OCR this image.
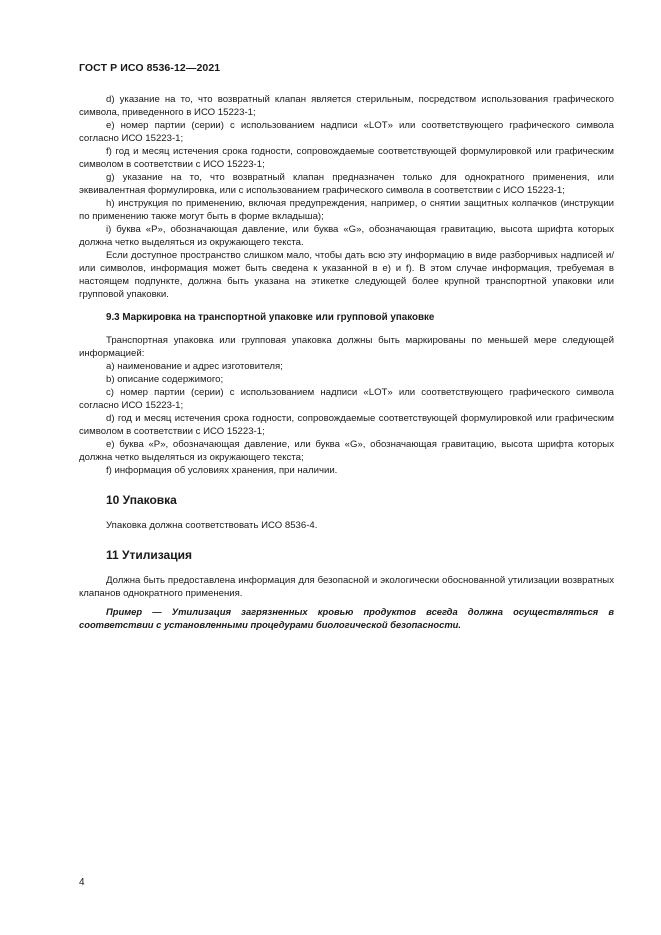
ГОСТ Р ИСО 8536-12—2021

d) указание на то, что возвратный клапан является стерильным, посредством использования графического символа, приведенного в ИСО 15223-1;

e) номер партии (серии) с использованием надписи «LOT» или соответствующего графического символа согласно ИСО 15223-1;

f) год и месяц истечения срока годности, сопровождаемые соответствующей формулировкой или графическим символом в соответствии с ИСО 15223-1;

g) указание на то, что возвратный клапан предназначен только для однократного применения, или эквивалентная формулировка, или с использованием графического символа в соответствии с ИСО 15223-1;

h) инструкция по применению, включая предупреждения, например, о снятии защитных колпачков (инструкции по применению также могут быть в форме вкладыша);

i) буква «P», обозначающая давление, или буква «G», обозначающая гравитацию, высота шрифта которых должна четко выделяться из окружающего текста.

Если доступное пространство слишком мало, чтобы дать всю эту информацию в виде разборчивых надписей и/или символов, информация может быть сведена к указанной в е) и f). В этом случае информация, требуемая в настоящем подпункте, должна быть указана на этикетке следующей более крупной транспортной упаковки или групповой упаковки.

9.3 Маркировка на транспортной упаковке или групповой упаковке

Транспортная упаковка или групповая упаковка должны быть маркированы по меньшей мере следующей информацией:

a) наименование и адрес изготовителя;

b) описание содержимого;

c) номер партии (серии) с использованием надписи «LOT» или соответствующего графического символа согласно ИСО 15223-1;

d) год и месяц истечения срока годности, сопровождаемые соответствующей формулировкой или графическим символом в соответствии с ИСО 15223-1;

e) буква «P», обозначающая давление, или буква «G», обозначающая гравитацию, высота шрифта которых должна четко выделяться из окружающего текста;

f) информация об условиях хранения, при наличии.

10 Упаковка

Упаковка должна соответствовать ИСО 8536-4.

11 Утилизация

Должна быть предоставлена информация для безопасной и экологически обоснованной утилизации возвратных клапанов однократного применения.

Пример — Утилизация загрязненных кровью продуктов всегда должна осуществляться в соответствии с установленными процедурами биологической безопасности.

4
